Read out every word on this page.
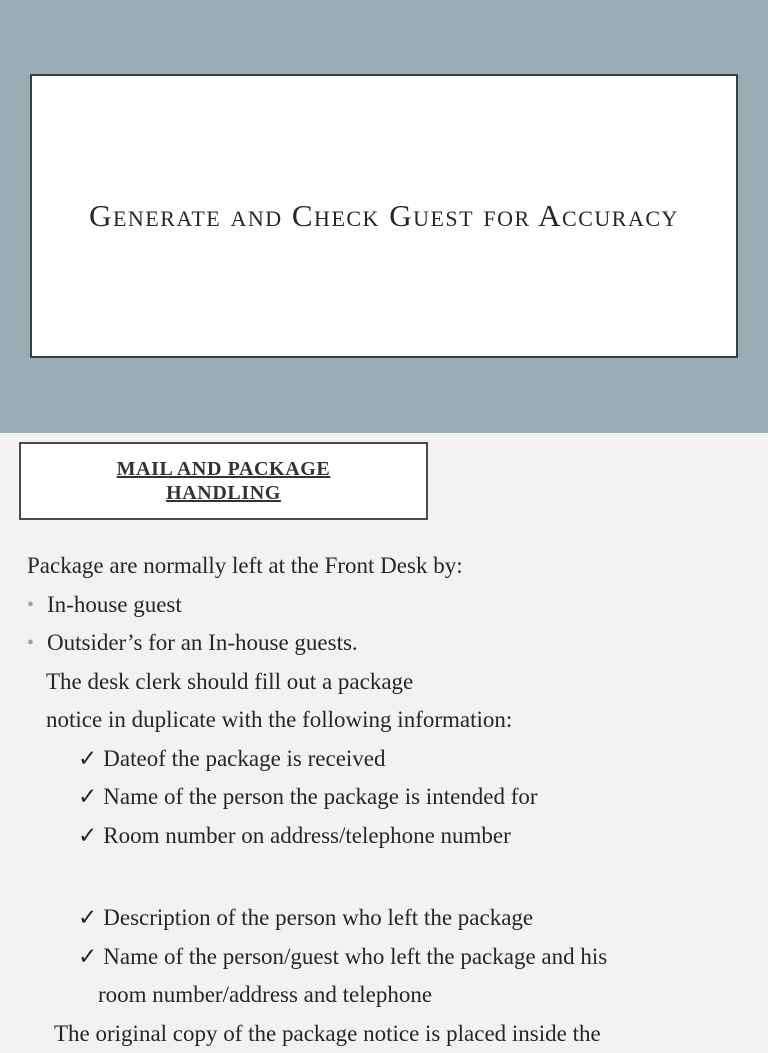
Generate and Check Guest for Accuracy
MAIL AND PACKAGE HANDLING
Package are normally left at the Front Desk by:
• In-house guest
• Outsider’s for an In-house guests.
The desk clerk should fill out a package
notice in duplicate with the following information:
✓ Dateof the package is received
✓ Name of the person the package is intended for
✓ Room number on address/telephone number
✓ Description of the person who left the package
✓ Name of the person/guest who left the package and his
room number/address and telephone
The original copy of the package notice is placed inside the
